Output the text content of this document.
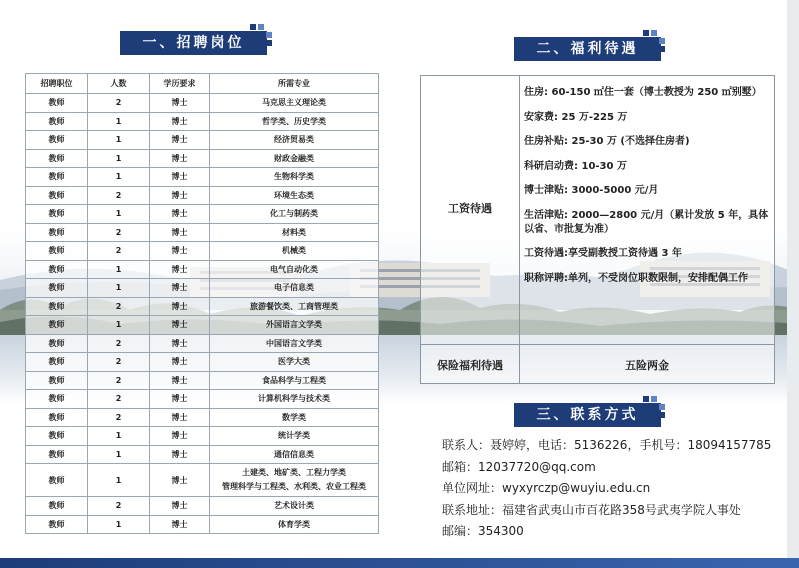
一、招聘岗位
招聘职位	人数	学历要求	所需专业
教师	2	博士	马克思主义理论类
教师	1	博士	哲学类、历史学类
教师	1	博士	经济贸易类
教师	1	博士	财政金融类
教师	1	博士	生物科学类
教师	2	博士	环境生态类
教师	1	博士	化工与制药类
教师	2	博士	材料类
教师	2	博士	机械类
教师	1	博士	电气自动化类
教师	1	博士	电子信息类
教师	2	博士	旅游餐饮类、工商管理类
教师	1	博士	外国语言文学类
教师	2	博士	中国语言文学类
教师	2	博士	医学大类
教师	2	博士	食品科学与工程类
教师	2	博士	计算机科学与技术类
教师	2	博士	数学类
教师	1	博士	统计学类
教师	1	博士	通信信息类
教师	1	博士	土建类、地矿类、工程力学类
管理科学与工程类、水利类、农业工程类

教师	2	博士	艺术设计类
教师	1	博士	体育学类
二、福利待遇
工资待遇
住房: 60-150 ㎡住一套（博士教授为 250 ㎡别墅）
安家费: 25 万-225 万
住房补贴: 25-30 万 (不选择住房者)
科研启动费: 10-30 万
博士津贴: 3000-5000 元/月
生活津贴: 2000—2800 元/月（累计发放 5 年，具体以省、市批复为准）
工资待遇:享受副教授工资待遇 3 年
职称评聘:单列，不受岗位职数限制，安排配偶工作
保险福利待遇	五险两金
三、联系方式
联系人：聂婷婷，电话：5136226，手机号：18094157785
邮箱：12037720@qq.com
单位网址：wyxyrczp@wuyiu.edu.cn
联系地址：福建省武夷山市百花路358号武夷学院人事处
邮编：354300
